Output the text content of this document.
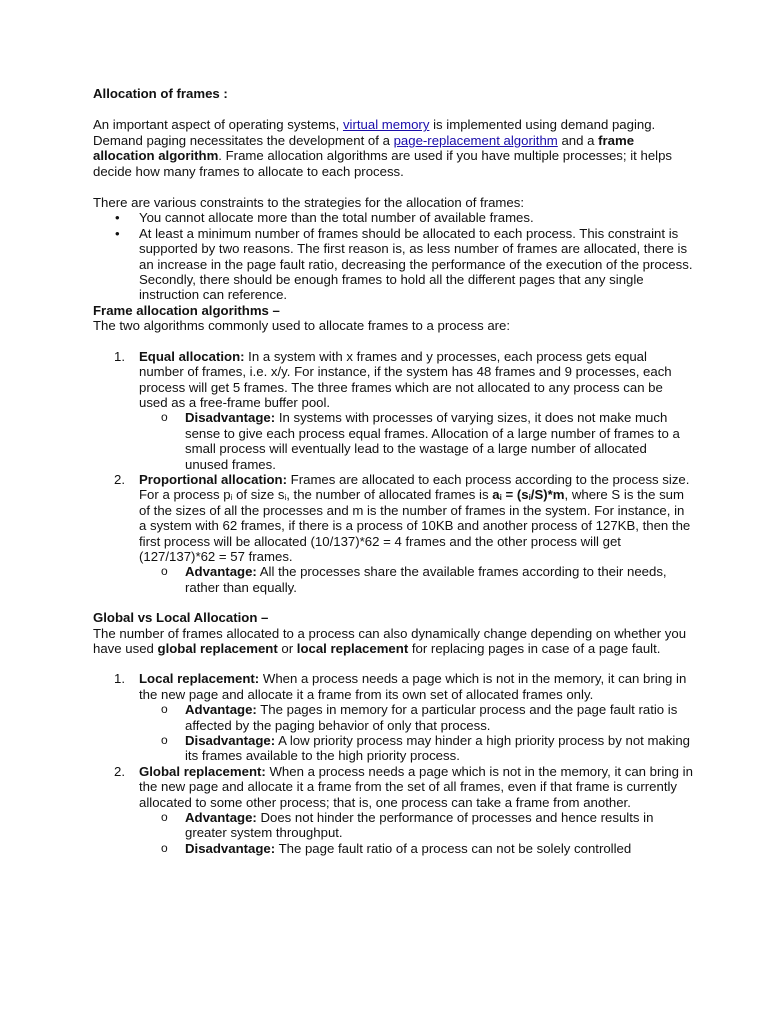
Allocation of frames :

An important aspect of operating systems, virtual memory is implemented using demand paging. Demand paging necessitates the development of a page-replacement algorithm and a frame allocation algorithm. Frame allocation algorithms are used if you have multiple processes; it helps decide how many frames to allocate to each process.

There are various constraints to the strategies for the allocation of frames:

• You cannot allocate more than the total number of available frames.
• At least a minimum number of frames should be allocated to each process. This constraint is supported by two reasons. The first reason is, as less number of frames are allocated, there is an increase in the page fault ratio, decreasing the performance of the execution of the process. Secondly, there should be enough frames to hold all the different pages that any single instruction can reference.

Frame allocation algorithms –

The two algorithms commonly used to allocate frames to a process are:

1. Equal allocation: In a system with x frames and y processes, each process gets equal number of frames, i.e. x/y. For instance, if the system has 48 frames and 9 processes, each process will get 5 frames. The three frames which are not allocated to any process can be used as a free-frame buffer pool.
o Disadvantage: In systems with processes of varying sizes, it does not make much sense to give each process equal frames. Allocation of a large number of frames to a small process will eventually lead to the wastage of a large number of allocated unused frames.
2. Proportional allocation: Frames are allocated to each process according to the process size.
For a process $p_i$ of size $s_i$, the number of allocated frames is $a_i = (s_i/S)*m$, where S is the sum of the sizes of all the processes and m is the number of frames in the system. For instance, in a system with 62 frames, if there is a process of 10KB and another process of 127KB, then the first process will be allocated (10/137)*62 = 4 frames and the other process will get (127/137)*62 = 57 frames.
o Advantage: All the processes share the available frames according to their needs, rather than equally.

Global vs Local Allocation –

The number of frames allocated to a process can also dynamically change depending on whether you have used global replacement or local replacement for replacing pages in case of a page fault.

1. Local replacement: When a process needs a page which is not in the memory, it can bring in the new page and allocate it a frame from its own set of allocated frames only.
o Advantage: The pages in memory for a particular process and the page fault ratio is affected by the paging behavior of only that process.
o Disadvantage: A low priority process may hinder a high priority process by not making its frames available to the high priority process.
2. Global replacement: When a process needs a page which is not in the memory, it can bring in the new page and allocate it a frame from the set of all frames, even if that frame is currently allocated to some other process; that is, one process can take a frame from another.
o Advantage: Does not hinder the performance of processes and hence results in greater system throughput.
o Disadvantage: The page fault ratio of a process can not be solely controlled
